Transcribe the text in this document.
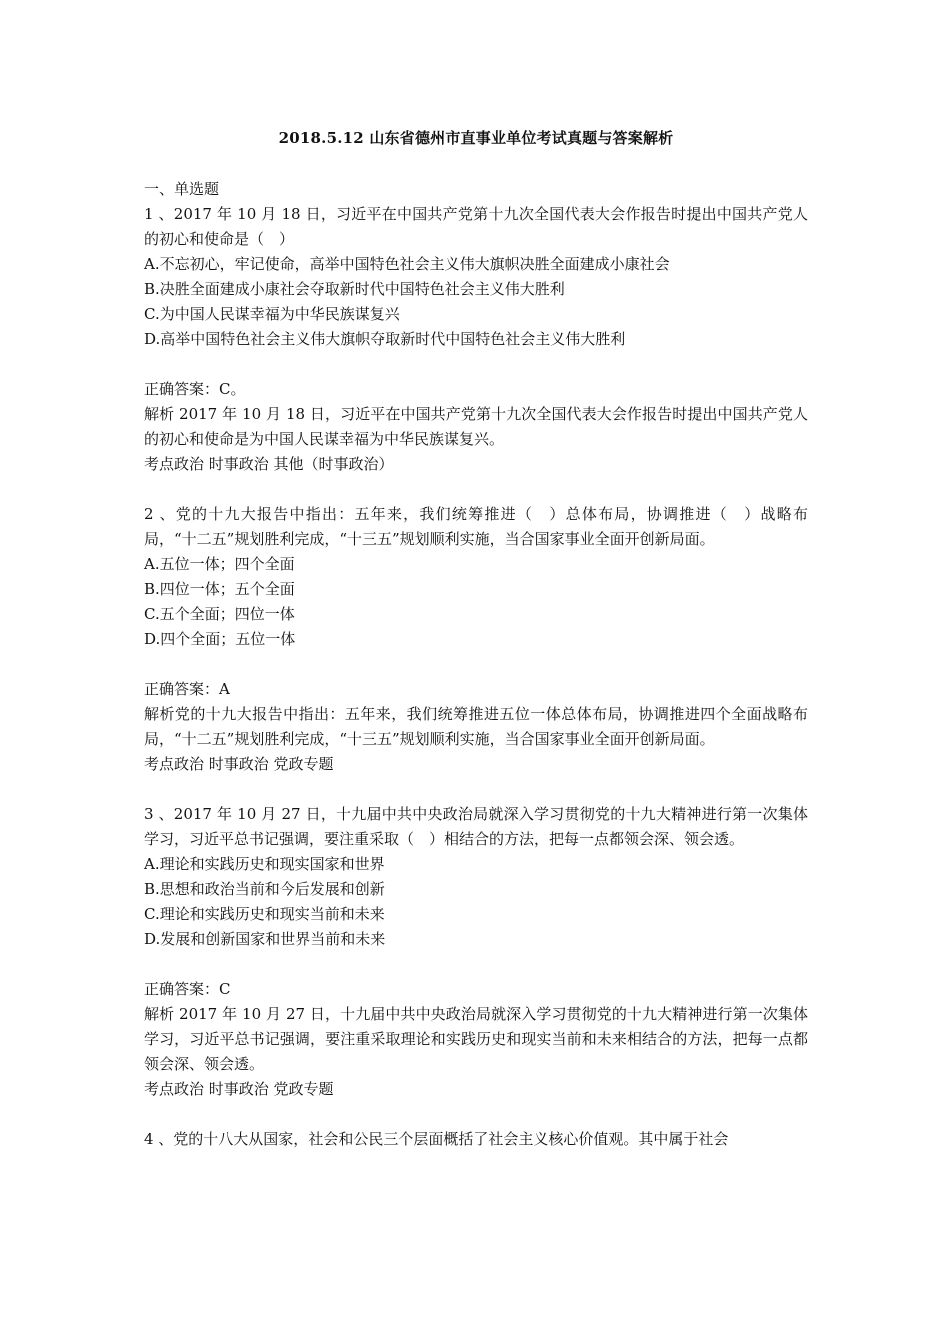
2018.5.12 山东省德州市直事业单位考试真题与答案解析

一、单选题

1 、2017 年 10 月 18 日，习近平在中国共产党第十九次全国代表大会作报告时提出中国共产党人的初心和使命是（　）

A.不忘初心，牢记使命，高举中国特色社会主义伟大旗帜决胜全面建成小康社会

B.决胜全面建成小康社会夺取新时代中国特色社会主义伟大胜利

C.为中国人民谋幸福为中华民族谋复兴

D.高举中国特色社会主义伟大旗帜夺取新时代中国特色社会主义伟大胜利

正确答案：C。

解析 2017 年 10 月 18 日，习近平在中国共产党第十九次全国代表大会作报告时提出中国共产党人的初心和使命是为中国人民谋幸福为中华民族谋复兴。

考点政治 时事政治 其他（时事政治）

2 、党的十九大报告中指出：五年来，我们统筹推进（　）总体布局，协调推进（　）战略布局，“十二五”规划胜利完成，“十三五”规划顺利实施，当合国家事业全面开创新局面。

A.五位一体；四个全面

B.四位一体；五个全面

C.五个全面；四位一体

D.四个全面；五位一体

正确答案：A

解析党的十九大报告中指出：五年来，我们统筹推进五位一体总体布局，协调推进四个全面战略布局，“十二五”规划胜利完成，“十三五”规划顺利实施，当合国家事业全面开创新局面。

考点政治 时事政治 党政专题

3 、2017 年 10 月 27 日，十九届中共中央政治局就深入学习贯彻党的十九大精神进行第一次集体学习，习近平总书记强调，要注重采取（　）相结合的方法，把每一点都领会深、领会透。

A.理论和实践历史和现实国家和世界

B.思想和政治当前和今后发展和创新

C.理论和实践历史和现实当前和未来

D.发展和创新国家和世界当前和未来

正确答案：C

解析 2017 年 10 月 27 日，十九届中共中央政治局就深入学习贯彻党的十九大精神进行第一次集体学习，习近平总书记强调，要注重采取理论和实践历史和现实当前和未来相结合的方法，把每一点都领会深、领会透。

考点政治 时事政治 党政专题

4 、党的十八大从国家，社会和公民三个层面概括了社会主义核心价值观。其中属于社会
